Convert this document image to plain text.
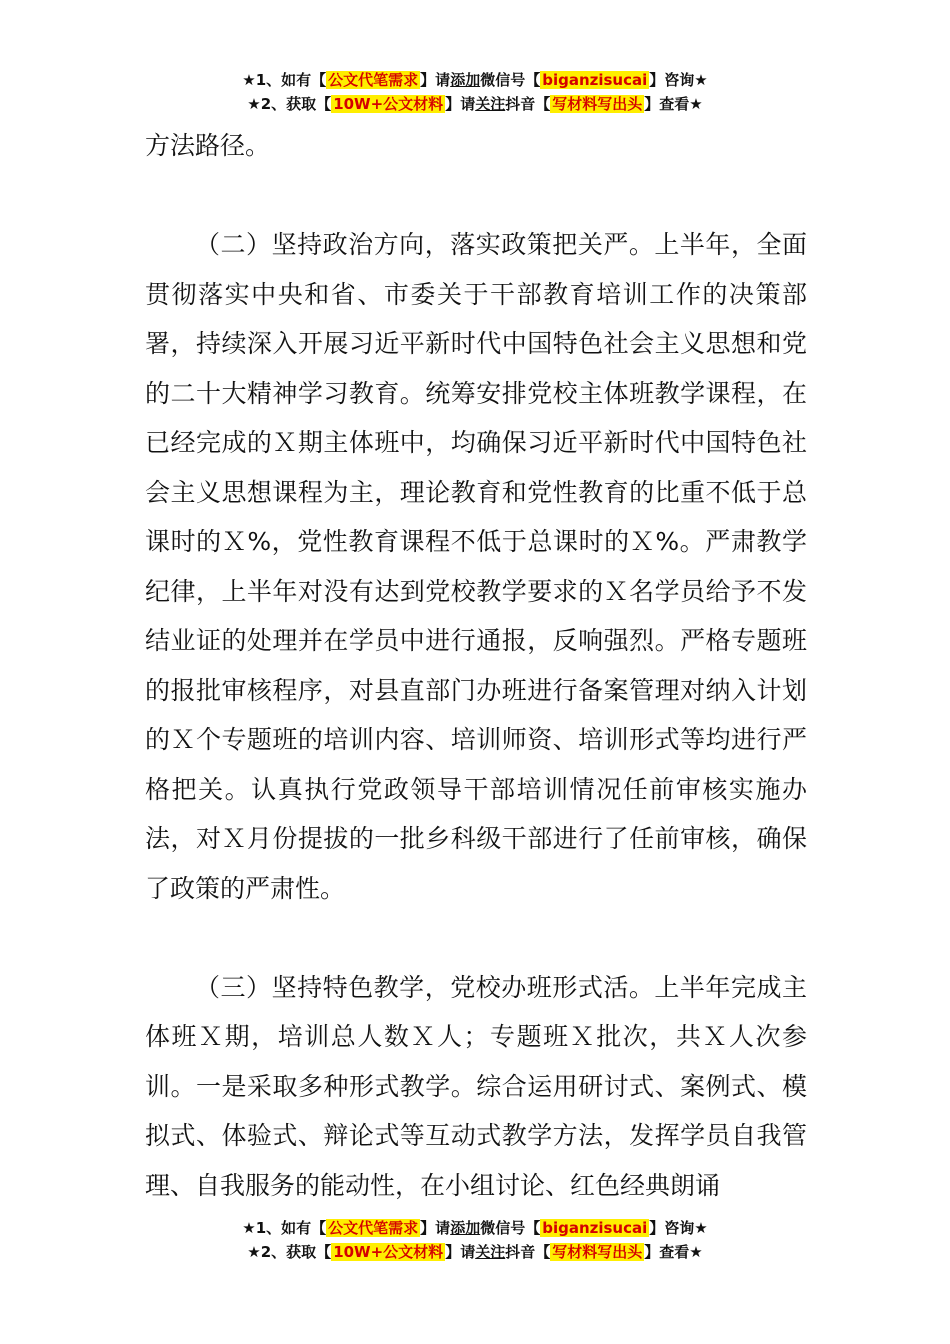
★1、如有【 公文代笔需求 】请添加微信号【 biganzisucai 】咨询★
★2、获取【 10W+公文材料 】请关注抖音【 写材料写出头 】查看★

方法路径。

（二）坚持政治方向，落实政策把关严。上半年，全面贯彻落实中央和省、市委关于干部教育培训工作的决策部署，持续深入开展习近平新时代中国特色社会主义思想和党的二十大精神学习教育。统筹安排党校主体班教学课程，在已经完成的Ｘ期主体班中，均确保习近平新时代中国特色社会主义思想课程为主，理论教育和党性教育的比重不低于总课时的Ｘ%，党性教育课程不低于总课时的Ｘ%。严肃教学纪律，上半年对没有达到党校教学要求的Ｘ名学员给予不发结业证的处理并在学员中进行通报，反响强烈。严格专题班的报批审核程序，对县直部门办班进行备案管理对纳入计划的Ｘ个专题班的培训内容、培训师资、培训形式等均进行严格把关。认真执行党政领导干部培训情况任前审核实施办法，对Ｘ月份提拔的一批乡科级干部进行了任前审核，确保了政策的严肃性。

（三）坚持特色教学，党校办班形式活。上半年完成主体班Ｘ期，培训总人数Ｘ人；专题班Ｘ批次，共Ｘ人次参训。一是采取多种形式教学。综合运用研讨式、案例式、模拟式、体验式、辩论式等互动式教学方法，发挥学员自我管理、自我服务的能动性，在小组讨论、红色经典朗诵

★1、如有【 公文代笔需求 】请添加微信号【 biganzisucai 】咨询★
★2、获取【 10W+公文材料 】请关注抖音【 写材料写出头 】查看★
